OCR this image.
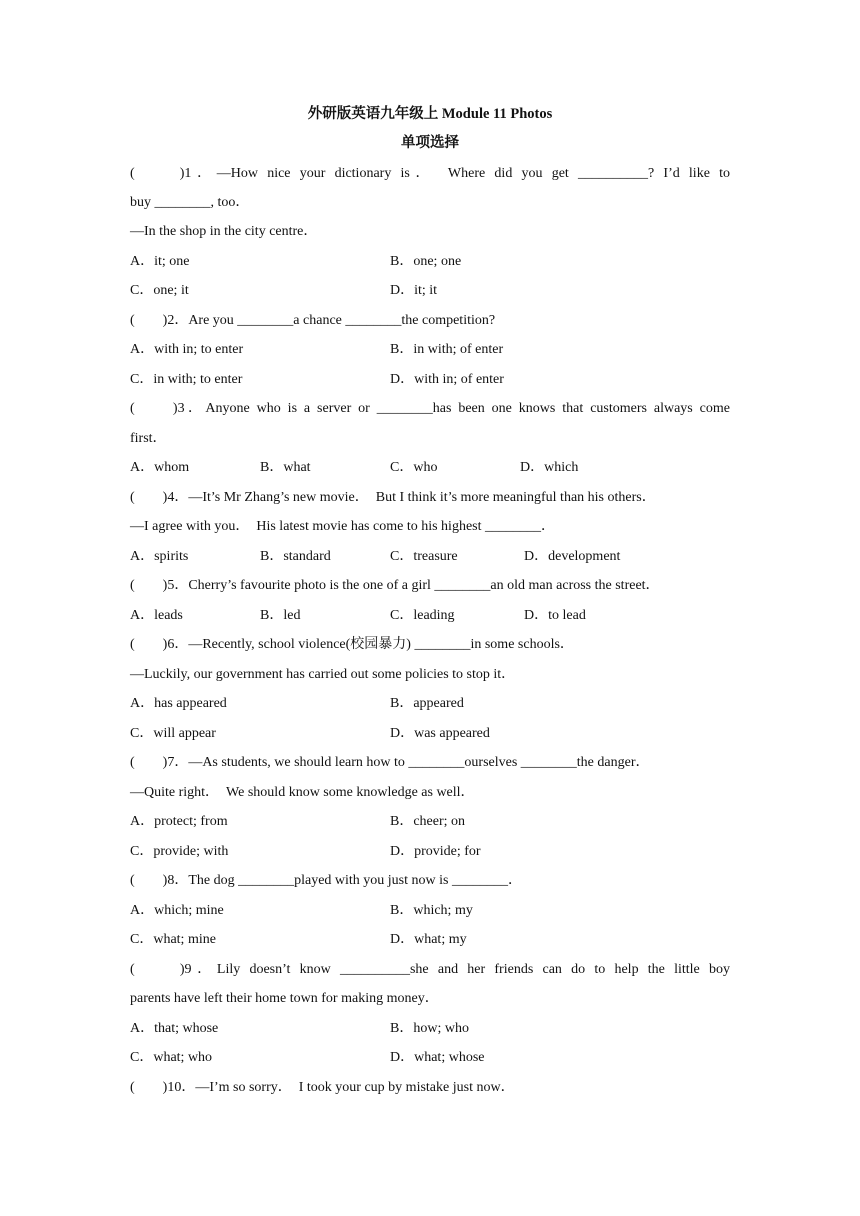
外研版英语九年级上 Module 11 Photos
单项选择
(　　)1．—How nice your dictionary is．　Where did you get __________? I’d like to
buy ________, too．
—In the shop in the city centre．
A．it; one	B．one; one
C．one; it	D．it; it
(　　)2．Are you ________a chance ________the competition?
A．with in; to enter	B．in with; of enter
C．in with; to enter	D．with in; of enter
(　　)3．Anyone who is a server or ________has been one knows that customers always come
first．
A．whom	B．what	C．who	D．which
(　　)4．—It’s Mr Zhang’s new movie．　But I think it’s more meaningful than his others．
—I agree with you．　His latest movie has come to his highest ________．
A．spirits	B．standard	C．treasure	D．development
(　　)5．Cherry’s favourite photo is the one of a girl ________an old man across the street．
A．leads	B．led	C．leading	D．to lead
(　　)6．—Recently, school violence(校园暴力) ________in some schools．
—Luckily, our government has carried out some policies to stop it．
A．has appeared	B．appeared
C．will appear	D．was appeared
(　　)7．—As students, we should learn how to ________ourselves ________the danger．
—Quite right．　We should know some knowledge as well．
A．protect; from	B．cheer; on
C．provide; with	D．provide; for
(　　)8．The dog ________played with you just now is ________．
A．which; mine	B．which; my
C．what; mine	D．what; my
(　　)9．Lily doesn’t know __________she and her friends can do to help the little boy
parents have left their home town for making money．
A．that; whose	B．how; who
C．what; who	D．what; whose
(　　)10．—I’m so sorry．　I took your cup by mistake just now．
